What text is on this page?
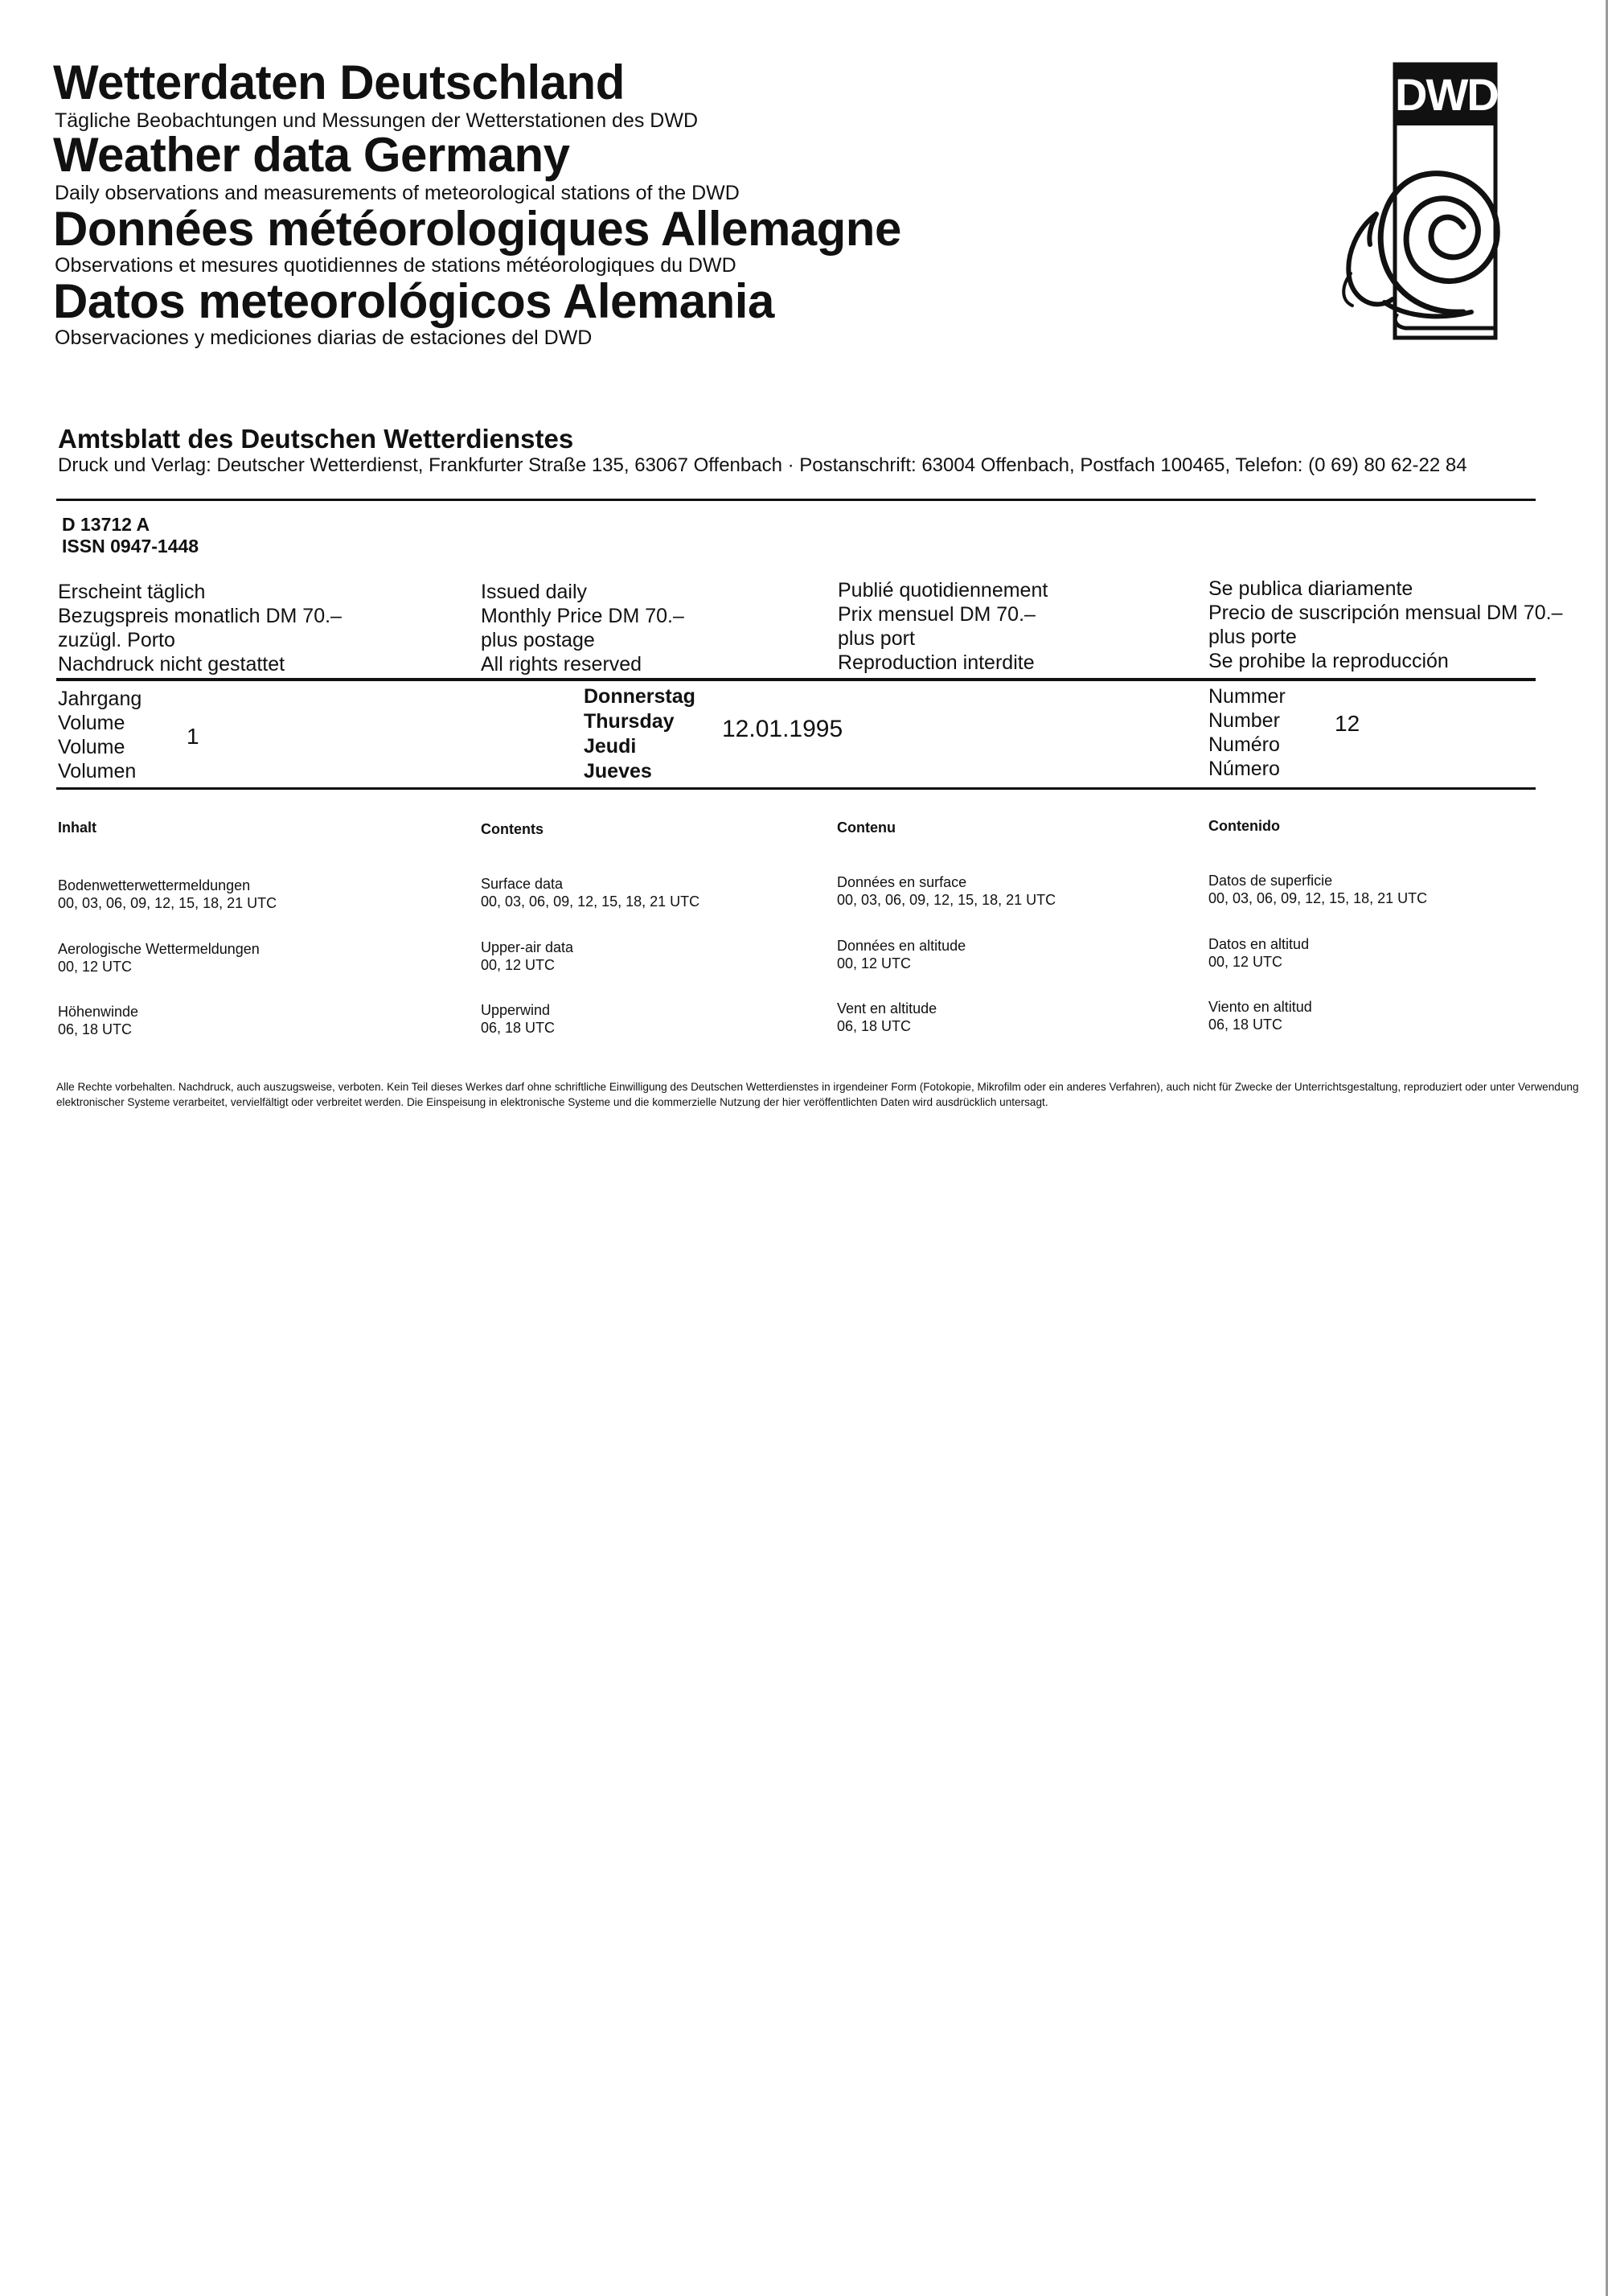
Wetterdaten Deutschland
Tägliche Beobachtungen und Messungen der Wetterstationen des DWD
Weather data Germany
Daily observations and measurements of meteorological stations of the DWD
Données météorologiques Allemagne
Observations et mesures quotidiennes de stations météorologiques du DWD
Datos meteorológicos Alemania
Observaciones y mediciones diarias de estaciones del DWD
DWD
Amtsblatt des Deutschen Wetterdienstes
Druck und Verlag: Deutscher Wetterdienst, Frankfurter Straße 135, 63067 Offenbach · Postanschrift: 63004 Offenbach, Postfach 100465, Telefon: (0 69) 80 62-22 84
D 13712 A
ISSN 0947-1448
Erscheint täglich
Bezugspreis monatlich DM 70.–
zuzügl. Porto
Nachdruck nicht gestattet
Issued daily
Monthly Price DM 70.–
plus postage
All rights reserved
Publié quotidiennement
Prix mensuel DM 70.–
plus port
Reproduction interdite
Se publica diariamente
Precio de suscripción mensual DM 70.–
plus porte
Se prohibe la reproducción
Jahrgang
Volume
Volume
Volumen
1
Donnerstag
Thursday
Jeudi
Jueves
12.01.1995
Nummer
Number
Numéro
Número
12
Inhalt
Bodenwetterwettermeldungen
00, 03, 06, 09, 12, 15, 18, 21 UTC
Aerologische Wettermeldungen
00, 12 UTC
Höhenwinde
06, 18 UTC
Contents
Surface data
00, 03, 06, 09, 12, 15, 18, 21 UTC
Upper-air data
00, 12 UTC
Upperwind
06, 18 UTC
Contenu
Données en surface
00, 03, 06, 09, 12, 15, 18, 21 UTC
Données en altitude
00, 12 UTC
Vent en altitude
06, 18 UTC
Contenido
Datos de superficie
00, 03, 06, 09, 12, 15, 18, 21 UTC
Datos en altitud
00, 12 UTC
Viento en altitud
06, 18 UTC
Alle Rechte vorbehalten. Nachdruck, auch auszugsweise, verboten. Kein Teil dieses Werkes darf ohne schriftliche Einwilligung des Deutschen Wetterdienstes in irgendeiner Form (Fotokopie, Mikrofilm oder ein anderes Verfahren), auch nicht für Zwecke der Unterrichtsgestaltung, reproduziert oder unter Verwendung elektronischer Systeme verarbeitet, vervielfältigt oder verbreitet werden. Die Einspeisung in elektronische Systeme und die kommerzielle Nutzung der hier veröffentlichten Daten wird ausdrücklich untersagt.
